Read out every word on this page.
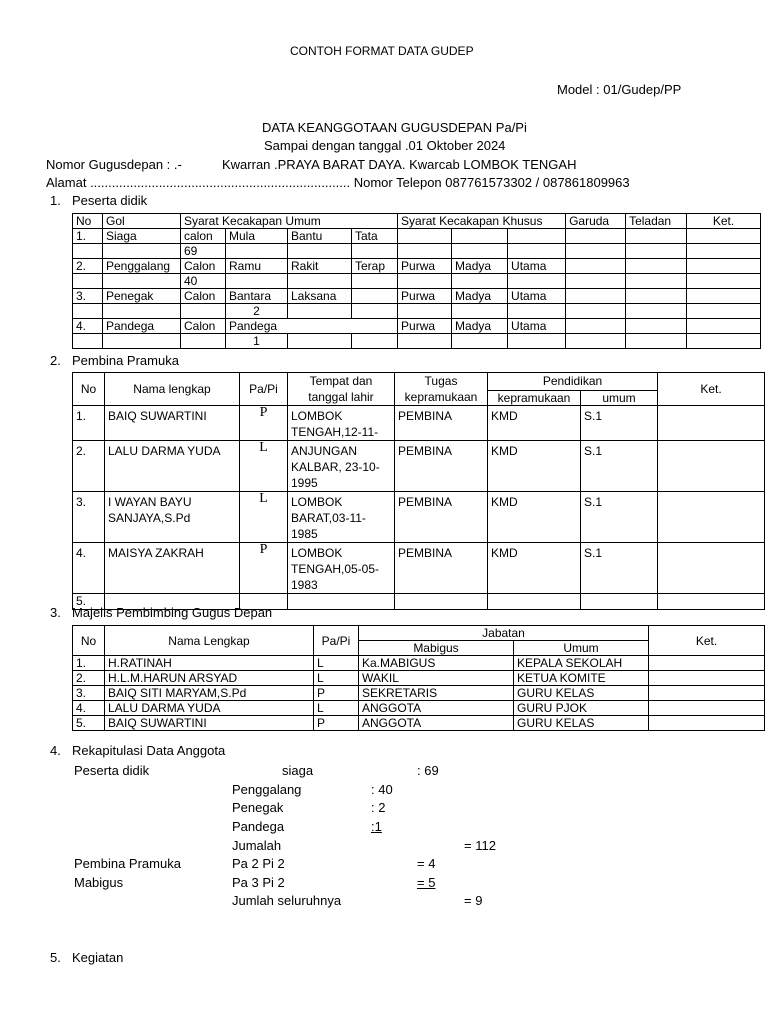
CONTOH FORMAT DATA GUDEP
Model : 01/Gudep/PP
DATA KEANGGOTAAN GUGUSDEPAN Pa/Pi
Sampai dengan tanggal .01 Oktober 2024
Nomor Gugusdepan : .-	Kwarran .PRAYA BARAT DAYA. Kwarcab LOMBOK TENGAH
Alamat ........................................................................ Nomor Telepon 087761573302 / 087861809963
1. Peserta didik
No	Gol	Syarat Kecakapan Umum				Syarat Kecakapan Khusus			Garuda	Teladan	Ket.
1.	Siaga	calon	Mula	Bantu	Tata						
		69									
2.	Penggalang	Calon	Ramu	Rakit	Terap	Purwa	Madya	Utama			
		40									
3.	Penegak	Calon	Bantara	Laksana		Purwa	Madya	Utama			
			2								
4.	Pandega	Calon	Pandega			Purwa	Madya	Utama			
			1								
2. Pembina Pramuka
No	Nama lengkap	Pa/Pi	Tempat dan tanggal lahir	Tugas kepramukaan	Pendidikan		Ket.
					kepramukaan	umum	
1.	BAIQ SUWARTINI	P	LOMBOK
TENGAH,12-11-	PEMBINA	KMD	S.1	
2.	LALU DARMA YUDA	L	ANJUNGAN
KALBAR, 23-10-
1995	PEMBINA	KMD	S.1	
3.	I WAYAN BAYU
SANJAYA,S.Pd	L	LOMBOK
BARAT,03-11-
1985	PEMBINA	KMD	S.1	
4.	MAISYA ZAKRAH	P	LOMBOK
TENGAH,05-05-
1983	PEMBINA	KMD	S.1	
5.							
3. Majelis Pembimbing Gugus Depan
No	Nama Lengkap	Pa/Pi	Jabatan		Ket.
			Mabigus	Umum	
1.	H.RATINAH	L	Ka.MABIGUS	KEPALA SEKOLAH	
2.	H.L.M.HARUN ARSYAD	L	WAKIL	KETUA KOMITE	
3.	BAIQ SITI MARYAM,S.Pd	P	SEKRETARIS	GURU KELAS	
4.	LALU DARMA YUDA	L	ANGGOTA	GURU PJOK	
5.	BAIQ SUWARTINI	P	ANGGOTA	GURU KELAS	
4. Rekapitulasi Data Anggota
Peserta didik	siaga	: 69
Penggalang	: 40
Penegak	: 2
Pandega	:1
Jumalah	= 112
Pembina Pramuka	Pa 2 Pi 2	= 4
Mabigus	Pa 3 Pi 2	= 5
Jumlah seluruhnya	= 9
5. Kegiatan
